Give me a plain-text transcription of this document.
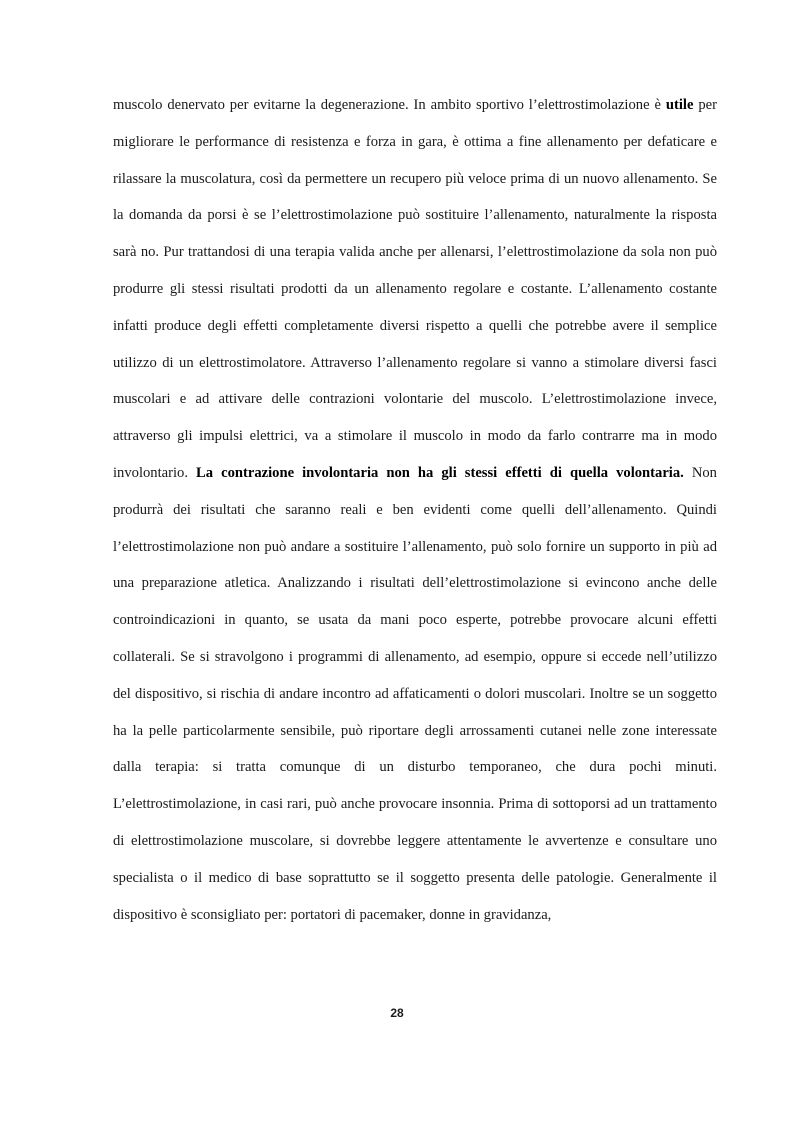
muscolo denervato per evitarne la degenerazione. In ambito sportivo l’elettrostimolazione è utile per migliorare le performance di resistenza e forza in gara, è ottima a fine allenamento per defaticare e rilassare la muscolatura, così da permettere un recupero più veloce prima di un nuovo allenamento. Se la domanda da porsi è se l’elettrostimolazione può sostituire l’allenamento, naturalmente la risposta sarà no. Pur trattandosi di una terapia valida anche per allenarsi, l’elettrostimolazione da sola non può produrre gli stessi risultati prodotti da un allenamento regolare e costante. L’allenamento costante infatti produce degli effetti completamente diversi rispetto a quelli che potrebbe avere il semplice utilizzo di un elettrostimolatore. Attraverso l’allenamento regolare si vanno a stimolare diversi fasci muscolari e ad attivare delle contrazioni volontarie del muscolo. L’elettrostimolazione invece, attraverso gli impulsi elettrici, va a stimolare il muscolo in modo da farlo contrarre ma in modo involontario. La contrazione involontaria non ha gli stessi effetti di quella volontaria. Non produrrà dei risultati che saranno reali e ben evidenti come quelli dell’allenamento. Quindi l’elettrostimolazione non può andare a sostituire l’allenamento, può solo fornire un supporto in più ad una preparazione atletica. Analizzando i risultati dell’elettrostimolazione si evincono anche delle controindicazioni in quanto, se usata da mani poco esperte, potrebbe provocare alcuni effetti collaterali. Se si stravolgono i programmi di allenamento, ad esempio, oppure si eccede nell’utilizzo del dispositivo, si rischia di andare incontro ad affaticamenti o dolori muscolari. Inoltre se un soggetto ha la pelle particolarmente sensibile, può riportare degli arrossamenti cutanei nelle zone interessate dalla terapia: si tratta comunque di un disturbo temporaneo, che dura pochi minuti. L’elettrostimolazione, in casi rari, può anche provocare insonnia. Prima di sottoporsi ad un trattamento di elettrostimolazione muscolare, si dovrebbe leggere attentamente le avvertenze e consultare uno specialista o il medico di base soprattutto se il soggetto presenta delle patologie. Generalmente il dispositivo è sconsigliato per: portatori di pacemaker, donne in gravidanza,

28
